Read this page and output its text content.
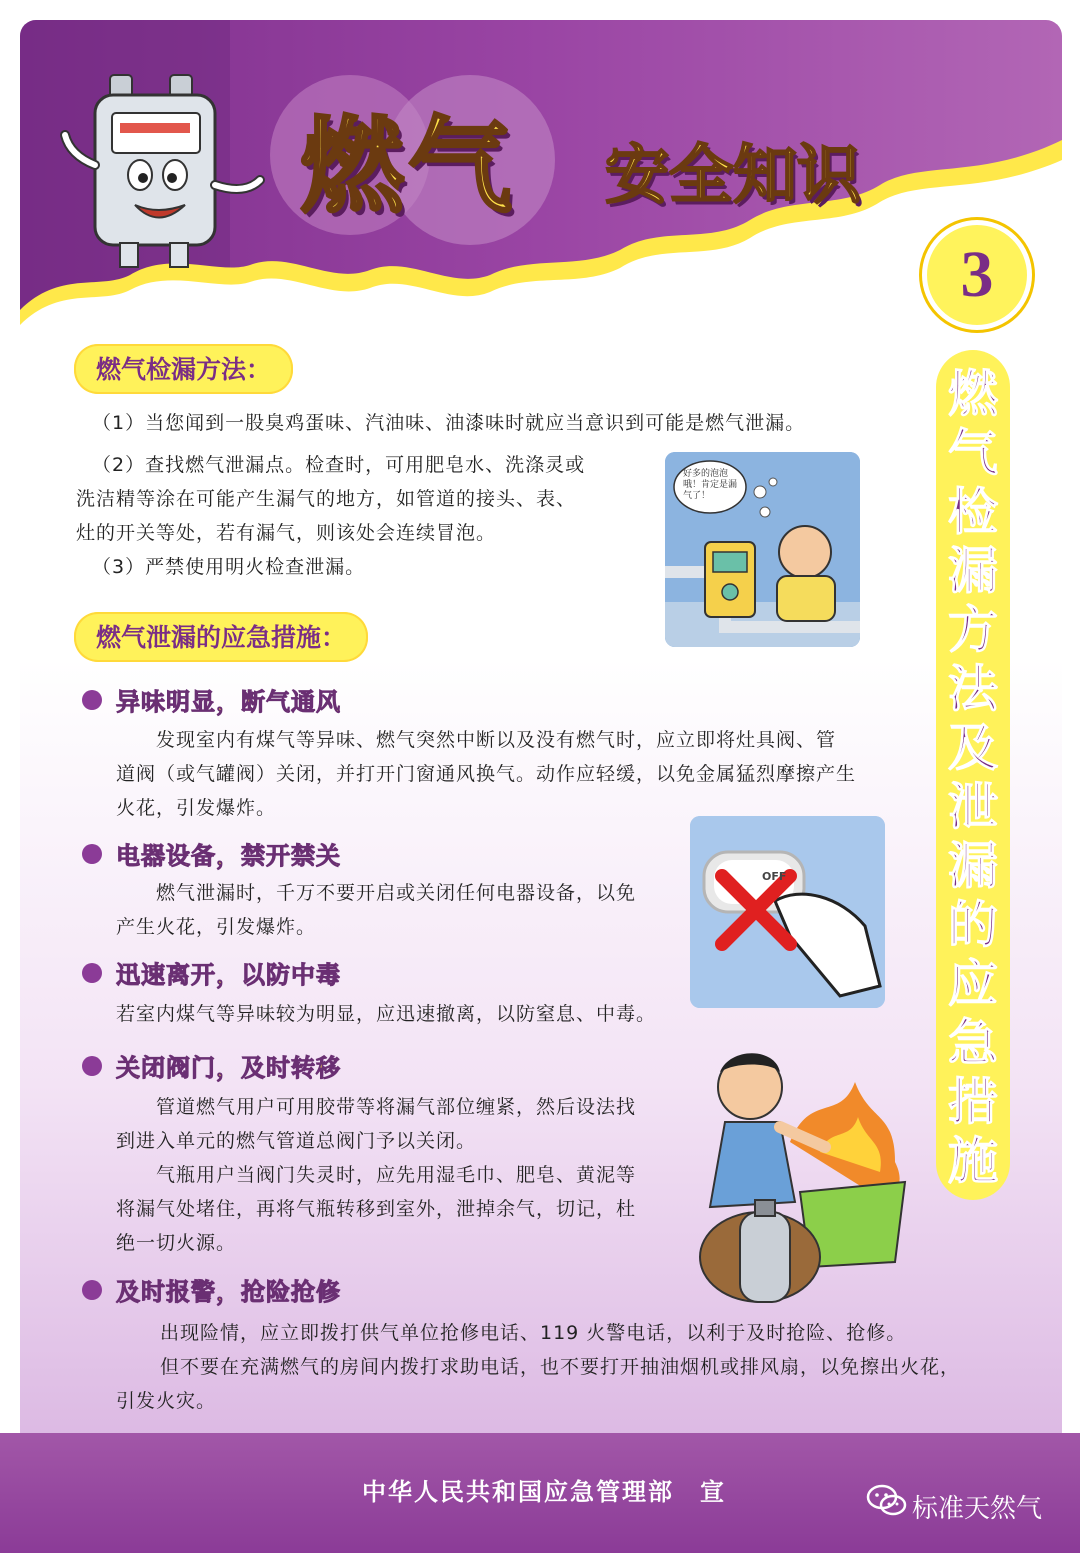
燃气 安全知识
3
燃
气
检
漏
方
法
及
泄
漏
的
应
急
措
施
燃气检漏方法：
（1）当您闻到一股臭鸡蛋味、汽油味、油漆味时就应当意识到可能是燃气泄漏。
（2）查找燃气泄漏点。检查时，可用肥皂水、洗涤灵或
洗洁精等涂在可能产生漏气的地方，如管道的接头、表、
灶的开关等处，若有漏气，则该处会连续冒泡。
（3）严禁使用明火检查泄漏。
好多的泡泡哦！肯定是漏气了！
燃气泄漏的应急措施：
异味明显，断气通风
发现室内有煤气等异味、燃气突然中断以及没有燃气时，应立即将灶具阀、管
道阀（或气罐阀）关闭，并打开门窗通风换气。动作应轻缓，以免金属猛烈摩擦产生
火花，引发爆炸。
电器设备，禁开禁关
燃气泄漏时，千万不要开启或关闭任何电器设备，以免
产生火花，引发爆炸。
OFF
迅速离开，以防中毒
若室内煤气等异味较为明显，应迅速撤离，以防窒息、中毒。
关闭阀门，及时转移
管道燃气用户可用胶带等将漏气部位缠紧，然后设法找
到进入单元的燃气管道总阀门予以关闭。
气瓶用户当阀门失灵时，应先用湿毛巾、肥皂、黄泥等
将漏气处堵住，再将气瓶转移到室外，泄掉余气，切记，杜
绝一切火源。
及时报警，抢险抢修
出现险情，应立即拨打供气单位抢修电话、119 火警电话，以利于及时抢险、抢修。
但不要在充满燃气的房间内拨打求助电话，也不要打开抽油烟机或排风扇，以免擦出火花，
引发火灾。
中华人民共和国应急管理部　宣
标准天然气
